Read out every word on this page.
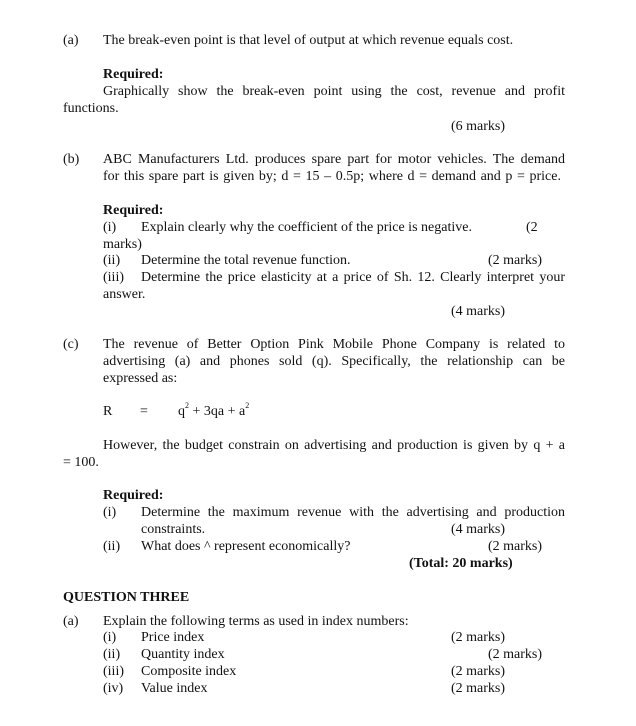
(a) The break-even point is that level of output at which revenue equals cost.
Required:
Graphically show the break-even point using the cost, revenue and profit
functions.
(6 marks)
(b) ABC Manufacturers Ltd. produces spare part for motor vehicles. The demand
for this spare part is given by; d = 15 – 0.5p; where d = demand and p = price.
Required:
(i) Explain clearly why the coefficient of the price is negative.	(2
marks)
(ii) Determine the total revenue function.	(2 marks)
(iii) Determine the price elasticity at a price of Sh. 12. Clearly interpret your
answer.
(4 marks)
(c) The revenue of Better Option Pink Mobile Phone Company is related to
advertising (a) and phones sold (q). Specifically, the relationship can be
expressed as:
$R = q^2 + 3qa + a^2$
However, the budget constrain on advertising and production is given by q + a
= 100.
Required:
(i) Determine the maximum revenue with the advertising and production
constraints.	(4 marks)
(ii) What does ^ represent economically?	(2 marks)
(Total: 20 marks)
QUESTION THREE
(a) Explain the following terms as used in index numbers:
(i) Price index	(2 marks)
(ii) Quantity index	(2 marks)
(iii) Composite index	(2 marks)
(iv) Value index	(2 marks)
